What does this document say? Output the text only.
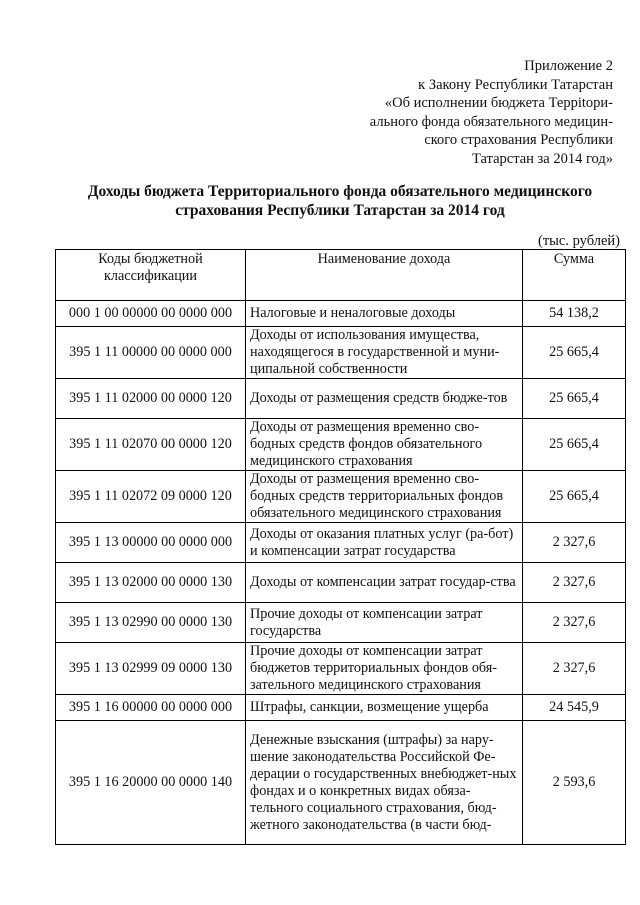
Приложение 2
к Закону Республики Татарстан
«Об исполнении бюджета Террitори-
ального фонда обязательного медицин-
ского страхования Республики
Татарстан за 2014 год»
Доходы бюджета Территориального фонда обязательного медицинского
страхования Республики Татарстан за 2014 год
(тыс. рублей)
Коды бюджетной классификации	Наименование дохода	Сумма
000 1 00 00000 00 0000 000	Налоговые и неналоговые доходы	54 138,2
395 1 11 00000 00 0000 000	Доходы от использования имущества, находящегося в государственной и муни-ципальной собственности	25 665,4
395 1 11 02000 00 0000 120	Доходы от размещения средств бюдже-тов	25 665,4
395 1 11 02070 00 0000 120	Доходы от размещения временно сво-бодных средств фондов обязательного медицинского страхования	25 665,4
395 1 11 02072 09 0000 120	Доходы от размещения временно сво-бодных средств территориальных фондов обязательного медицинского страхования	25 665,4
395 1 13 00000 00 0000 000	Доходы от оказания платных услуг (ра-бот) и компенсации затрат государства	2 327,6
395 1 13 02000 00 0000 130	Доходы от компенсации затрат государ-ства	2 327,6
395 1 13 02990 00 0000 130	Прочие доходы от компенсации затрат государства	2 327,6
395 1 13 02999 09 0000 130	Прочие доходы от компенсации затрат бюджетов территориальных фондов обя-зательного медицинского страхования	2 327,6
395 1 16 00000 00 0000 000	Штрафы, санкции, возмещение ущерба	24 545,9
395 1 16 20000 00 0000 140	Денежные взыскания (штрафы) за нару-шение законодательства Российской Фе-дерации о государственных внебюджет-ных фондах и о конкретных видах обяза-тельного социального страхования, бюд-жетного законодательства (в части бюд-	2 593,6
